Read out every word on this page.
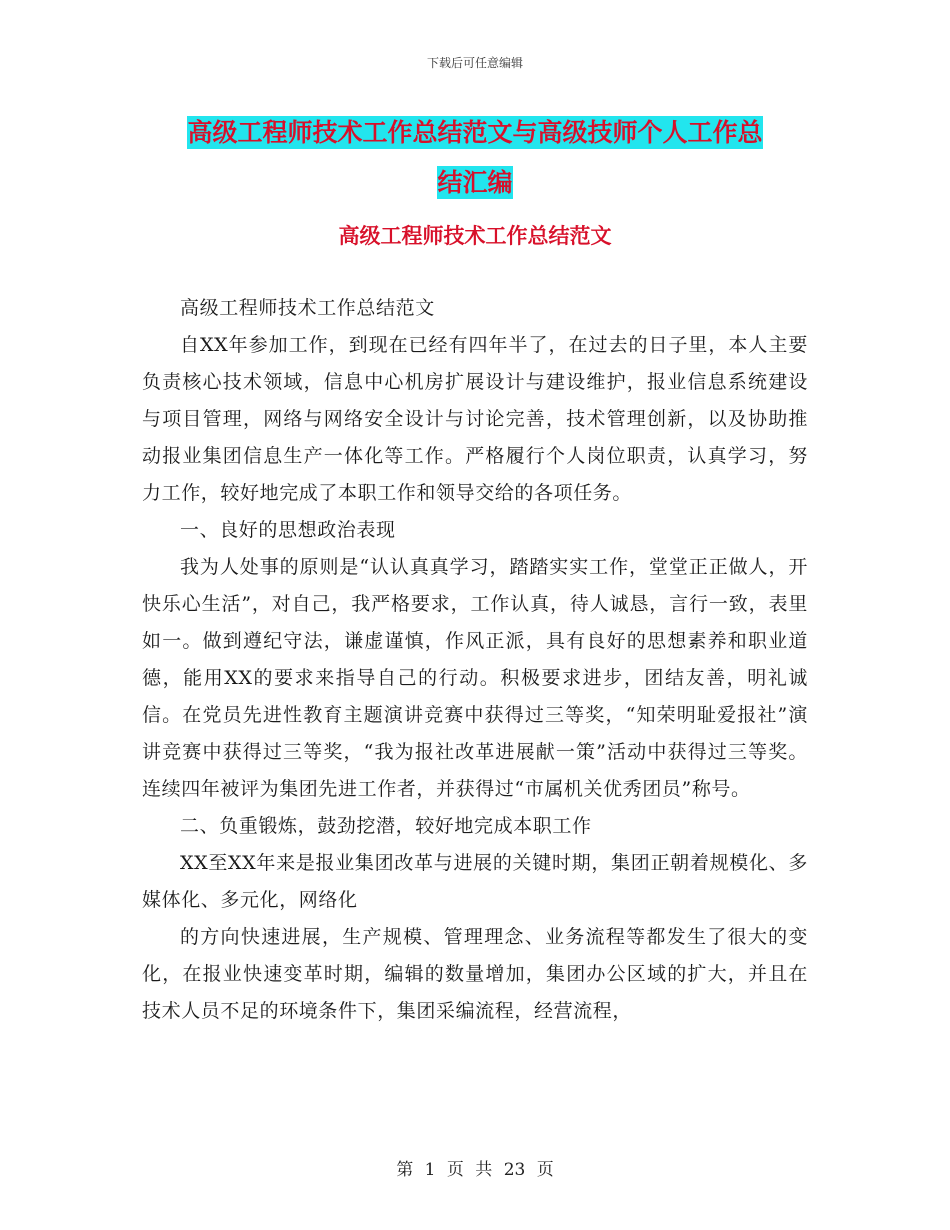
下载后可任意编辑
高级工程师技术工作总结范文与高级技师个人工作总
结汇编
高级工程师技术工作总结范文

高级工程师技术工作总结范文

自XX年参加工作，到现在已经有四年半了，在过去的日子里，本人主要负责核心技术领域，信息中心机房扩展设计与建设维护，报业信息系统建设与项目管理，网络与网络安全设计与讨论完善，技术管理创新，以及协助推动报业集团信息生产一体化等工作。严格履行个人岗位职责，认真学习，努力工作，较好地完成了本职工作和领导交给的各项任务。

一、良好的思想政治表现

我为人处事的原则是“认认真真学习，踏踏实实工作，堂堂正正做人，开快乐心生活”，对自己，我严格要求，工作认真，待人诚恳，言行一致，表里如一。做到遵纪守法，谦虚谨慎，作风正派，具有良好的思想素养和职业道德，能用XX的要求来指导自己的行动。积极要求进步，团结友善，明礼诚信。在党员先进性教育主题演讲竞赛中获得过三等奖，“知荣明耻爱报社”演讲竞赛中获得过三等奖，“我为报社改革进展献一策”活动中获得过三等奖。连续四年被评为集团先进工作者，并获得过“市属机关优秀团员”称号。

二、负重锻炼，鼓劲挖潜，较好地完成本职工作

XX至XX年来是报业集团改革与进展的关键时期，集团正朝着规模化、多媒体化、多元化，网络化

的方向快速进展，生产规模、管理理念、业务流程等都发生了很大的变化，在报业快速变革时期，编辑的数量增加，集团办公区域的扩大，并且在技术人员不足的环境条件下，集团采编流程，经营流程，

第 1 页 共 23 页
